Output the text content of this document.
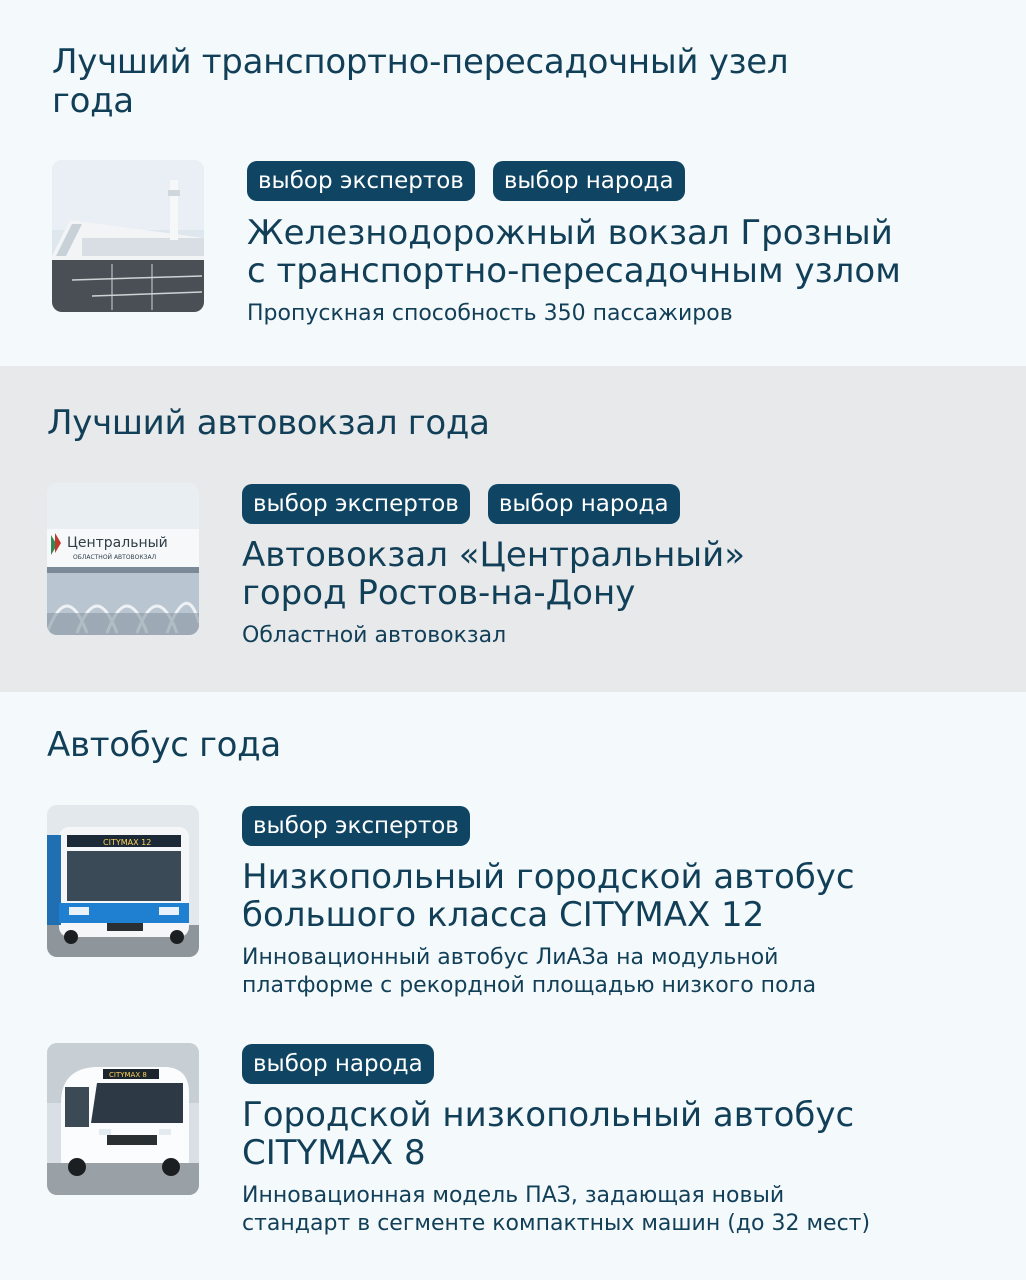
Лучший транспортно-пересадочный узел года
выбор экспертов	выбор народа

Железнодорожный вокзал Грозный

с транспортно-пересадочным узлом

Пропускная способность 350 пассажиров

Лучший автовокзал года
Центральный
ОБЛАСТНОЙ АВТОВОКЗАЛ
выбор экспертов	выбор народа

Автовокзал «Центральный»

город Ростов-на-Дону

Областной автовокзал

Автобус года
CITYMAX 12
выбор экспертов

Низкопольный городской автобус

большого класса CITYMAX 12

Инновационный автобус ЛиАЗа на модульной

платформе с рекордной площадью низкого пола

CITYMAX 8	выбор народа

Городской низкопольный автобус

CITYMAX 8

Инновационная модель ПАЗ, задающая новый

стандарт в сегменте компактных машин (до 32 мест)
